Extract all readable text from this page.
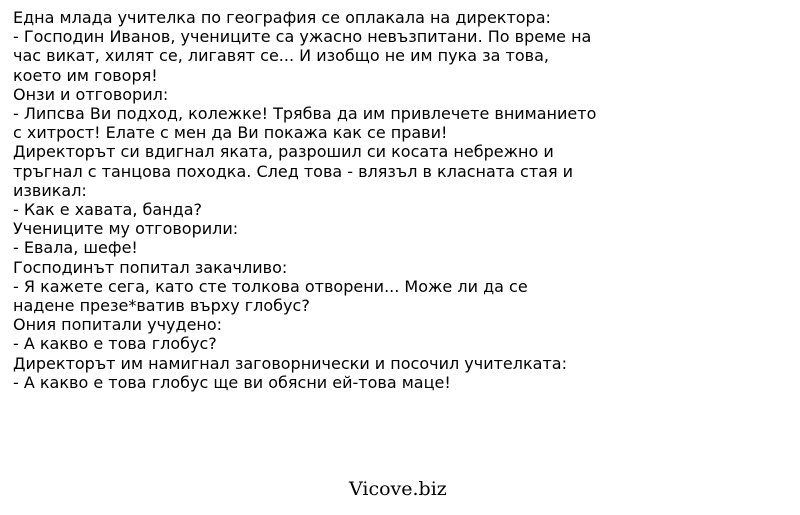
Една млада учителка по география се оплакала на директора:
- Господин Иванов, учениците са ужасно невъзпитани. По време на
час викат, хилят се, лигавят се... И изобщо не им пука за това,
което им говоря!
Онзи и отговорил:
- Липсва Ви подход, колежке! Трябва да им привлечете вниманието
с хитрост! Елате с мен да Ви покажа как се прави!
Директорът си вдигнал яката, разрошил си косата небрежно и
тръгнал с танцова походка. След това - влязъл в класната стая и
извикал:
- Как е хавата, банда?
Учениците му отговорили:
- Евала, шефе!
Господинът попитал закачливо:
- Я кажете сега, като сте толкова отворени... Може ли да се
надене презе*ватив върху глобус?
Ония попитали учудено:
- А какво е това глобус?
Директорът им намигнал заговорнически и посочил учителката:
- А какво е това глобус ще ви обясни ей-това маце!
Vicove.biz
